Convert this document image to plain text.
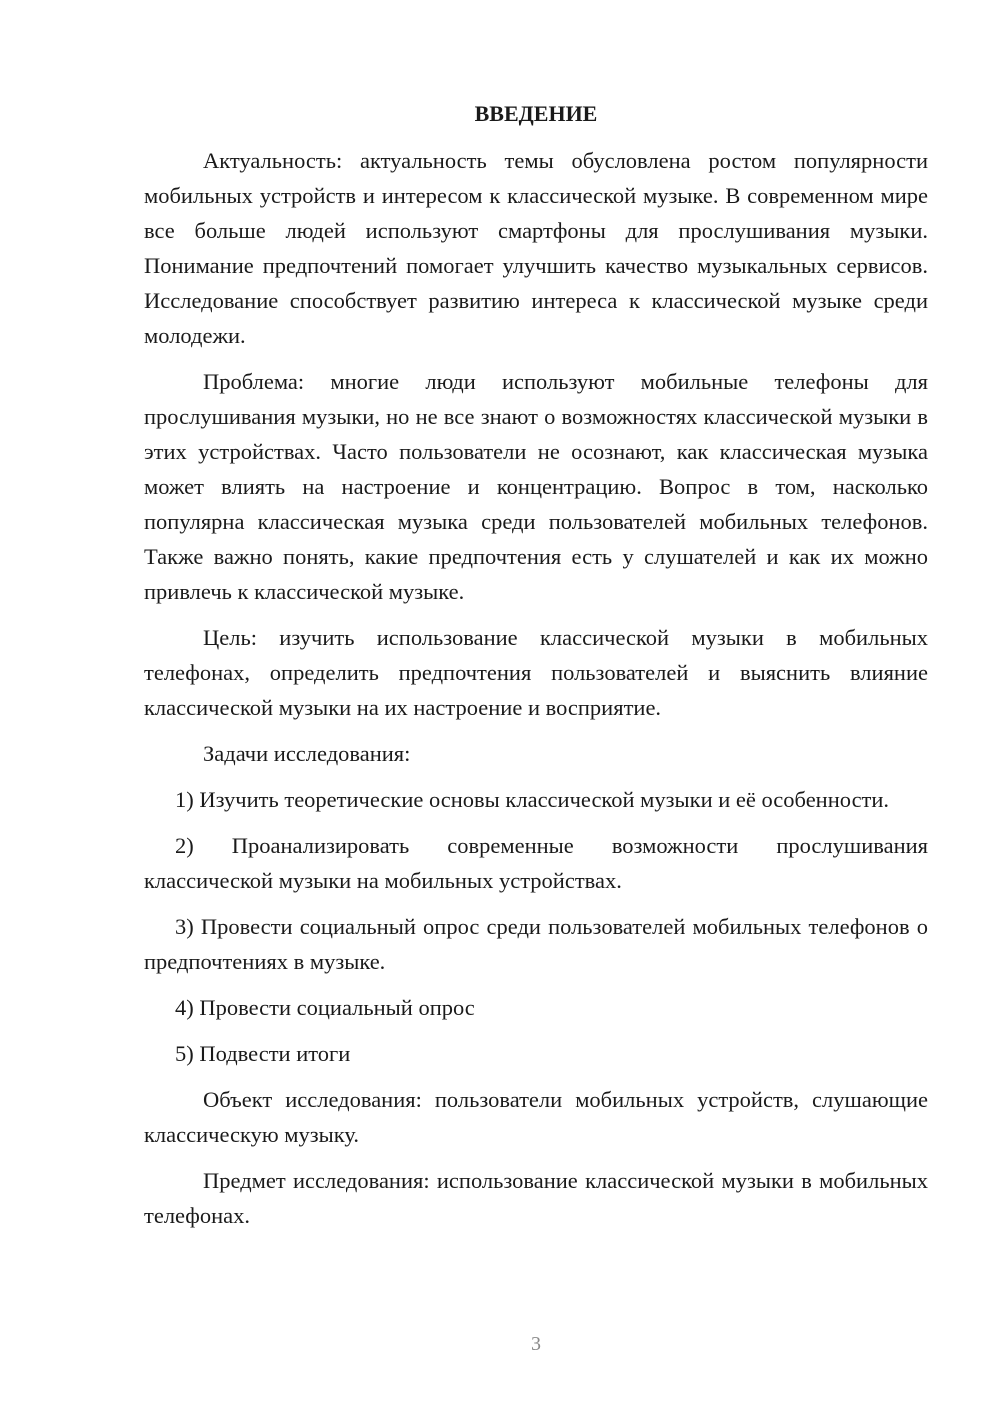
ВВЕДЕНИЕ

Актуальность: актуальность темы обусловлена ростом популярности мобильных устройств и интересом к классической музыке. В современном мире все больше людей используют смартфоны для прослушивания музыки. Понимание предпочтений помогает улучшить качество музыкальных сервисов. Исследование способствует развитию интереса к классической музыке среди молодежи.

Проблема: многие люди используют мобильные телефоны для прослушивания музыки, но не все знают о возможностях классической музыки в этих устройствах. Часто пользователи не осознают, как классическая музыка может влиять на настроение и концентрацию. Вопрос в том, насколько популярна классическая музыка среди пользователей мобильных телефонов. Также важно понять, какие предпочтения есть у слушателей и как их можно привлечь к классической музыке.

Цель: изучить использование классической музыки в мобильных телефонах, определить предпочтения пользователей и выяснить влияние классической музыки на их настроение и восприятие.

Задачи исследования:

1) Изучить теоретические основы классической музыки и её особенности.

2) Проанализировать современные возможности прослушивания классической музыки на мобильных устройствах.

3) Провести социальный опрос среди пользователей мобильных телефонов о предпочтениях в музыке.

4) Провести социальный опрос

5) Подвести итоги

Объект исследования: пользователи мобильных устройств, слушающие классическую музыку.

Предмет исследования: использование классической музыки в мобильных телефонах.

3
